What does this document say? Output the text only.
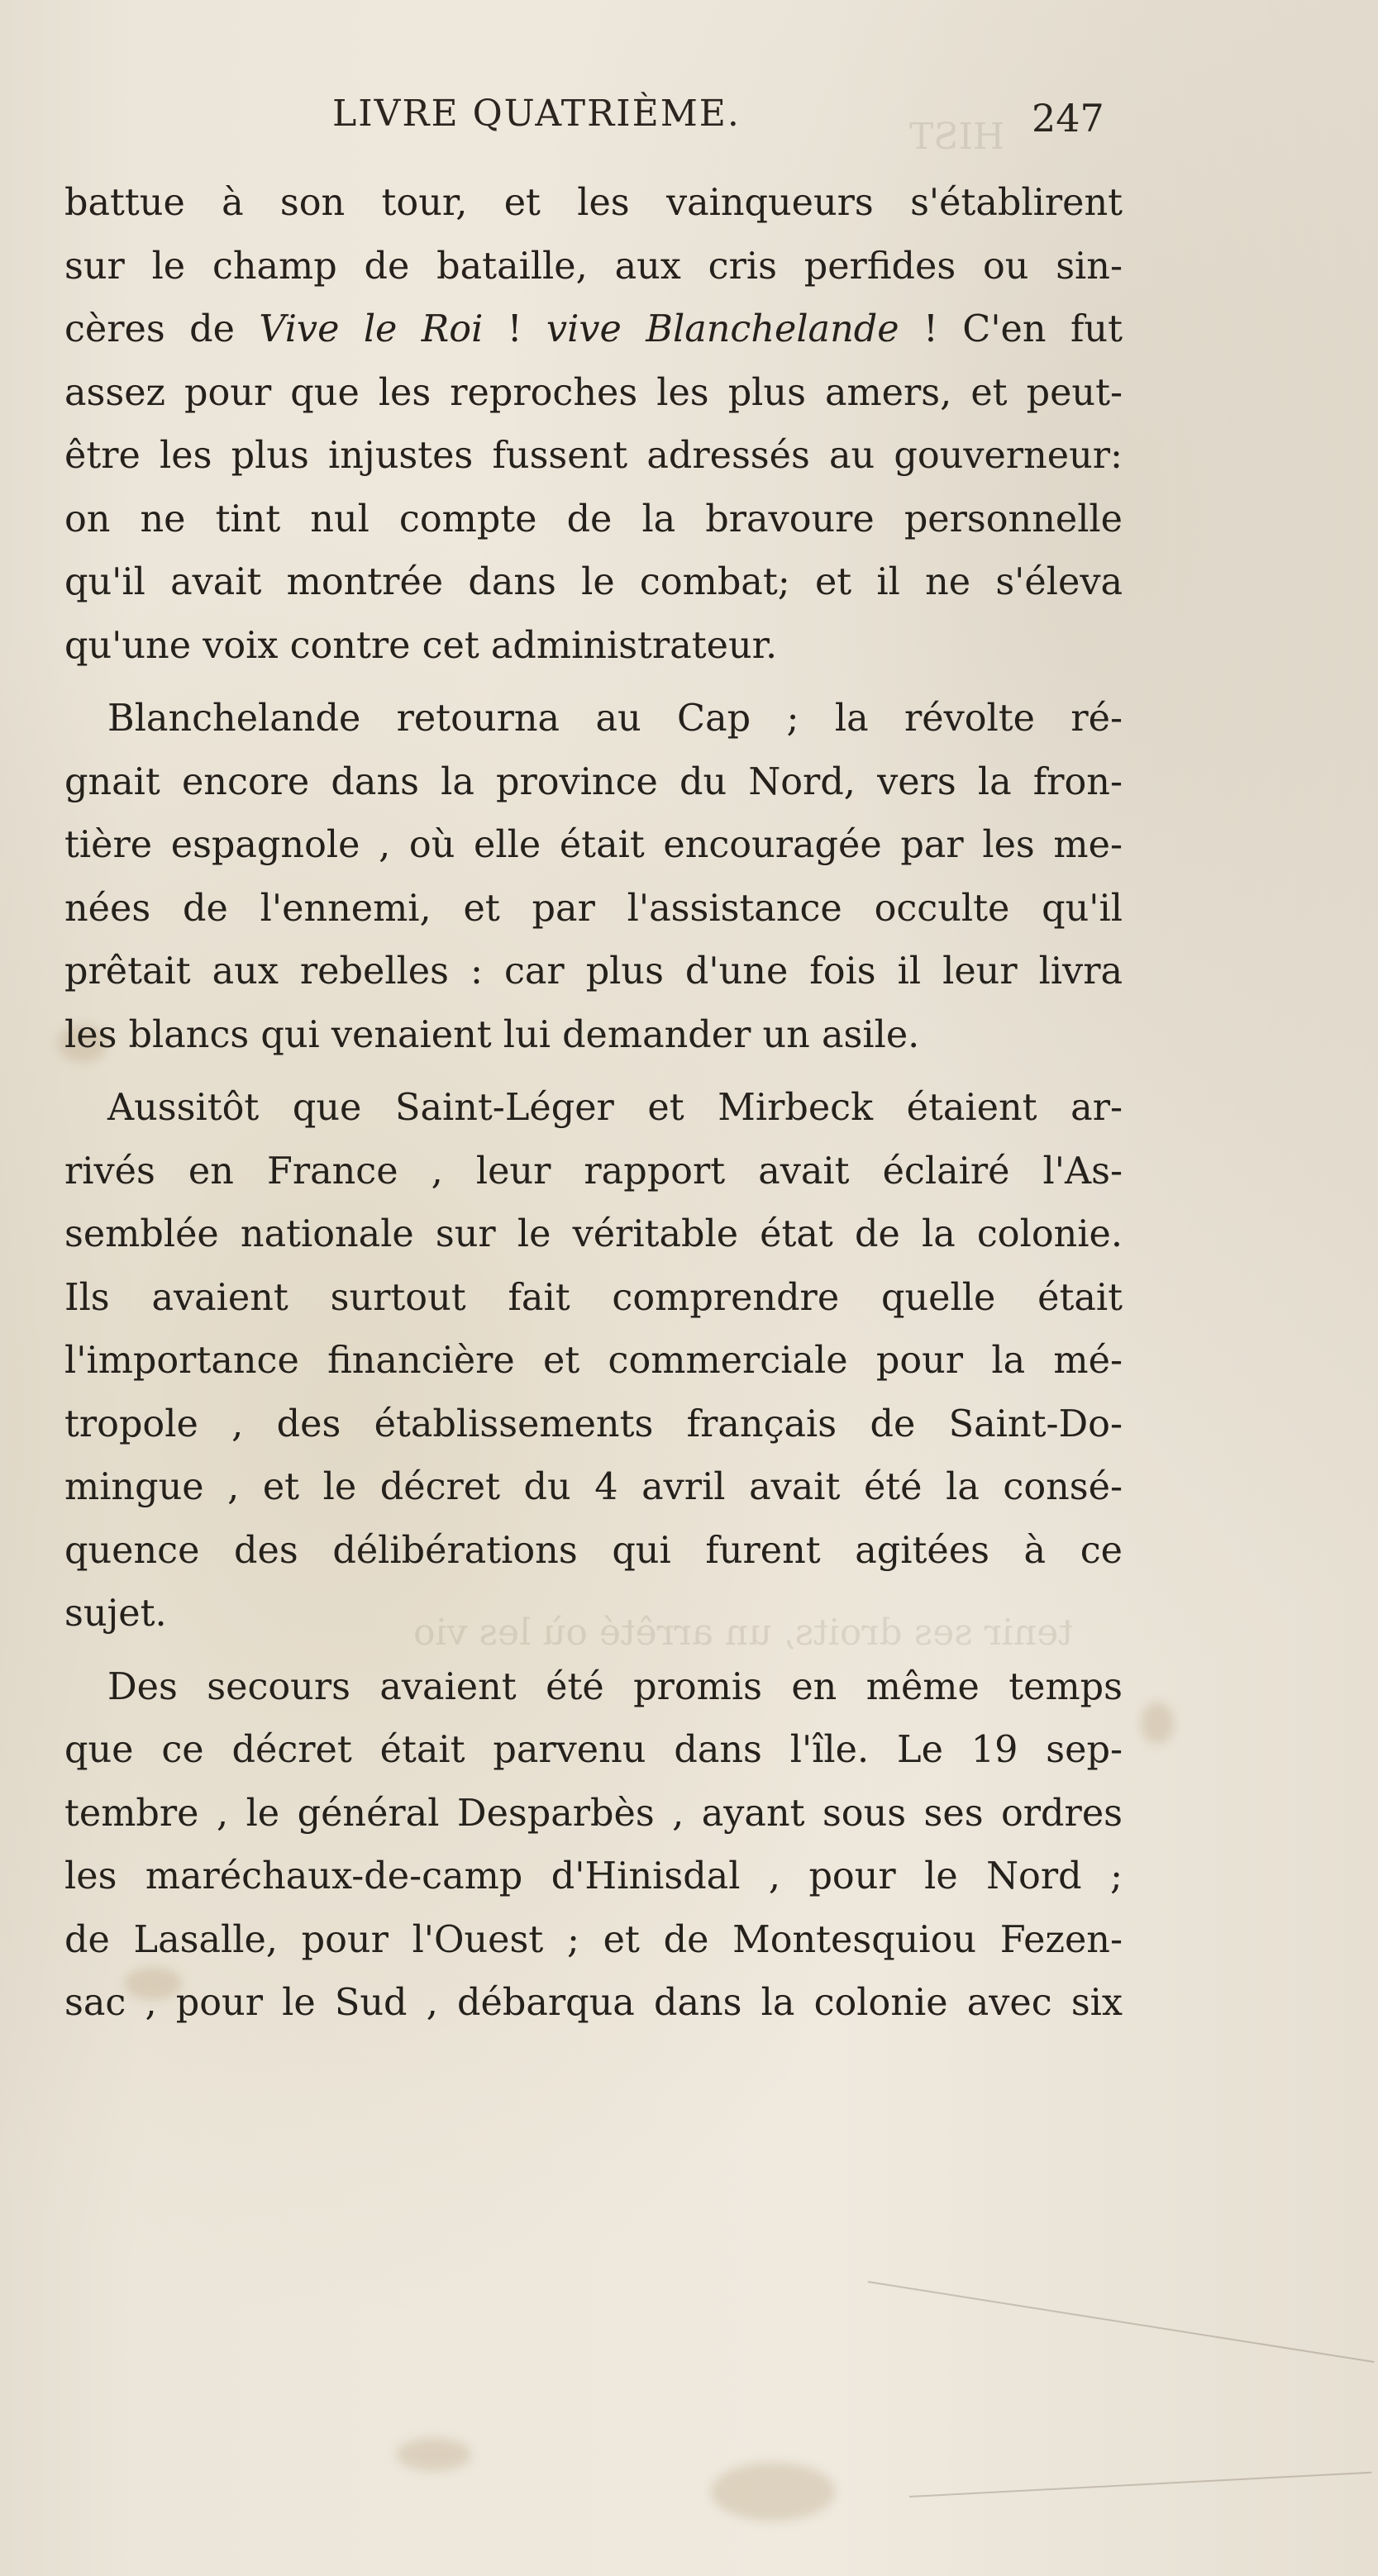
HIST
tenir ses droits, un arrêté où les vio
LIVRE QUATRIÈME.	247
battue à son tour, et les vainqueurs s'établirent
sur le champ de bataille, aux cris perfides ou sin-
cères de Vive le Roi ! vive Blanchelande ! C'en fut
assez pour que les reproches les plus amers, et peut-
être les plus injustes fussent adressés au gouverneur:
on ne tint nul compte de la bravoure personnelle
qu'il avait montrée dans le combat; et il ne s'éleva
qu'une voix contre cet administrateur.
Blanchelande retourna au Cap ; la révolte ré-
gnait encore dans la province du Nord, vers la fron-
tière espagnole , où elle était encouragée par les me-
nées de l'ennemi, et par l'assistance occulte qu'il
prêtait aux rebelles : car plus d'une fois il leur livra
les blancs qui venaient lui demander un asile.
Aussitôt que Saint-Léger et Mirbeck étaient ar-
rivés en France , leur rapport avait éclairé l'As-
semblée nationale sur le véritable état de la colonie.
Ils avaient surtout fait comprendre quelle était
l'importance financière et commerciale pour la mé-
tropole , des établissements français de Saint-Do-
mingue , et le décret du 4 avril avait été la consé-
quence des délibérations qui furent agitées à ce
sujet.
Des secours avaient été promis en même temps
que ce décret était parvenu dans l'île. Le 19 sep-
tembre , le général Desparbès , ayant sous ses ordres
les maréchaux-de-camp d'Hinisdal , pour le Nord ;
de Lasalle, pour l'Ouest ; et de Montesquiou Fezen-
sac , pour le Sud , débarqua dans la colonie avec six
